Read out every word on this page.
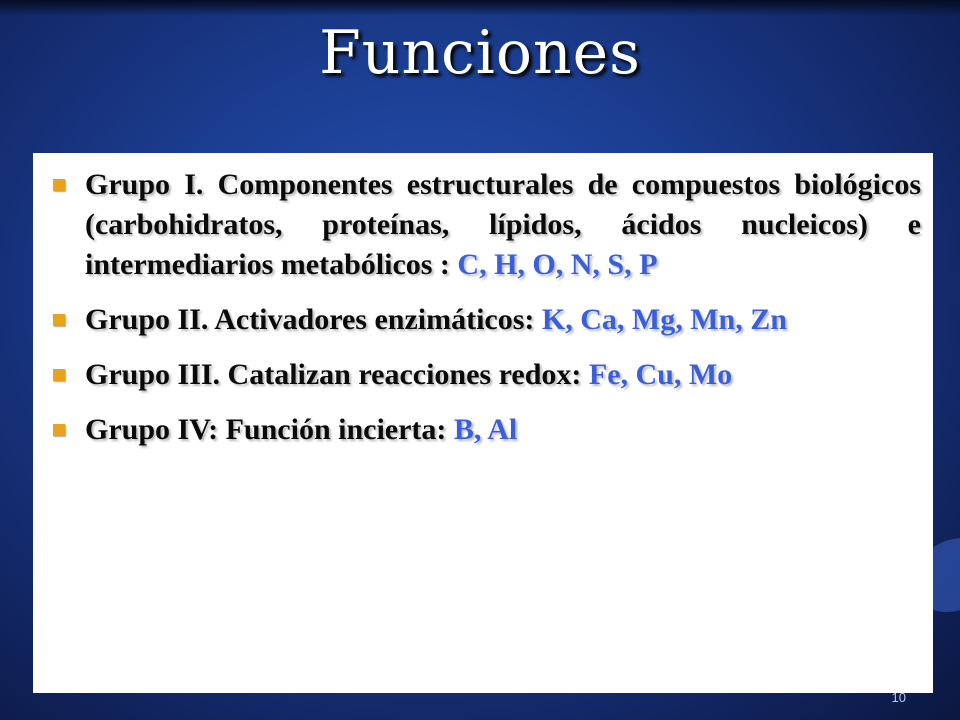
Funciones
Grupo I. Componentes estructurales de compuestos biológicos (carbohidratos, proteínas, lípidos, ácidos nucleicos) e intermediarios metabólicos : C, H, O, N, S, P
Grupo II. Activadores enzimáticos: K, Ca, Mg, Mn, Zn
Grupo III. Catalizan reacciones redox: Fe, Cu, Mo
Grupo IV: Función incierta: B, Al
10
